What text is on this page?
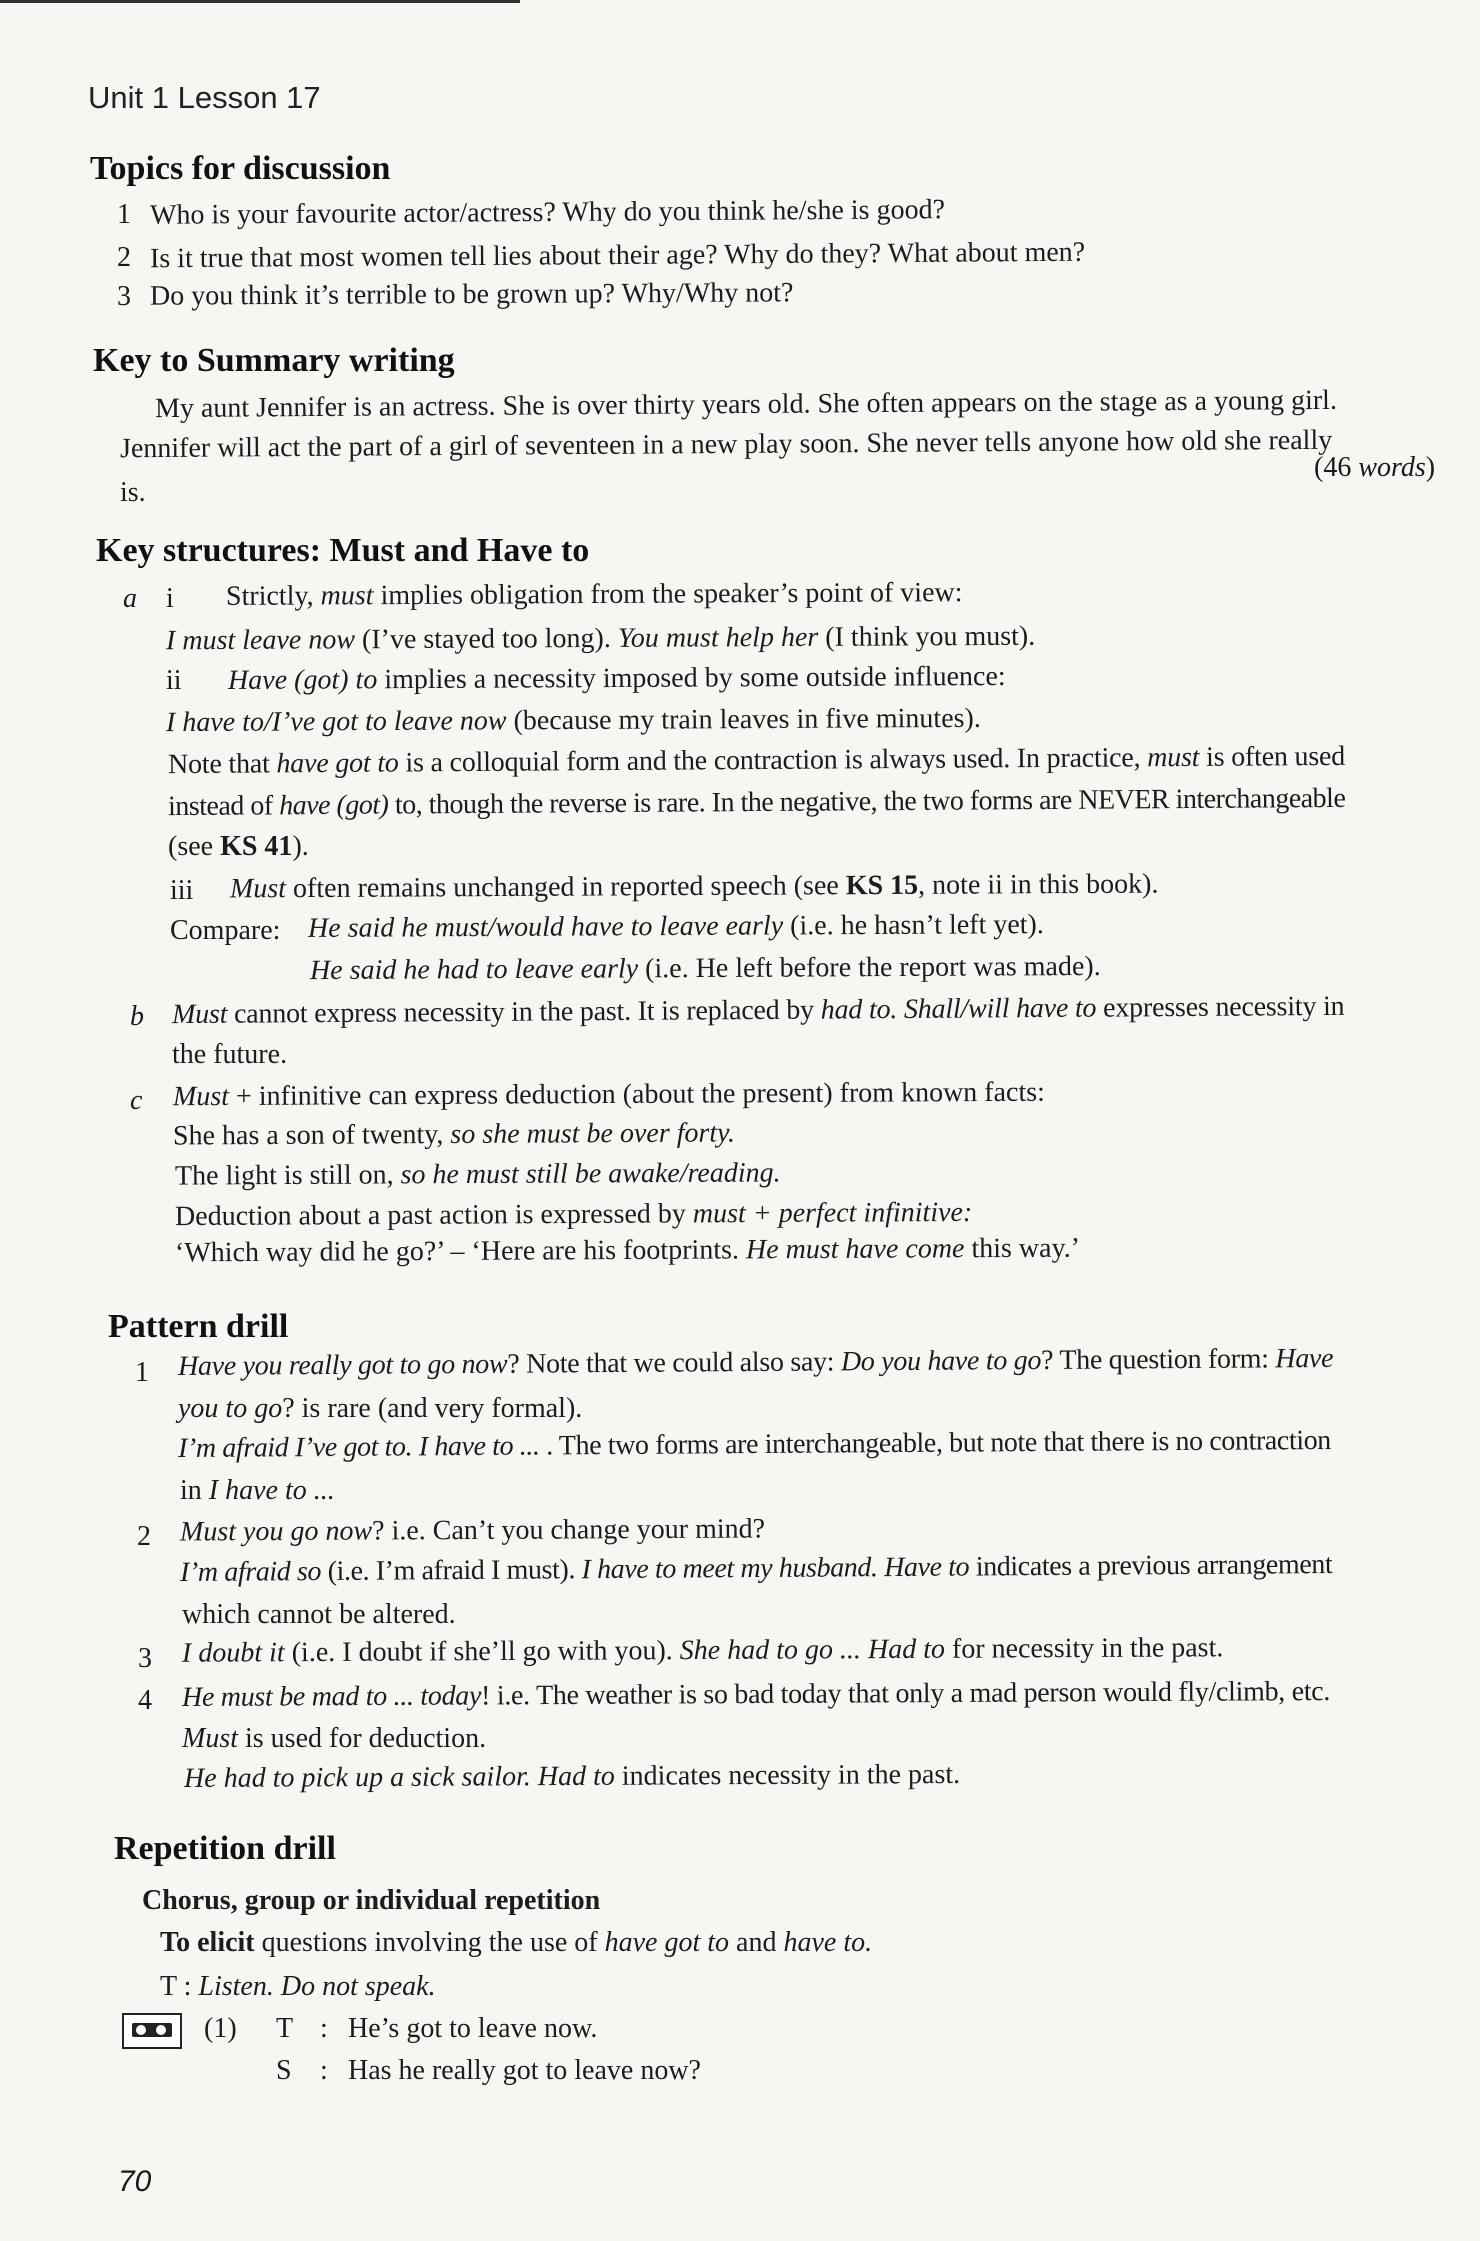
Unit 1 Lesson 17
Topics for discussion
1 Who is your favourite actor/actress? Why do you think he/she is good?
2 Is it true that most women tell lies about their age? Why do they? What about men?
3 Do you think it’s terrible to be grown up? Why/Why not?
Key to Summary writing
My aunt Jennifer is an actress. She is over thirty years old. She often appears on the stage as a young girl.
Jennifer will act the part of a girl of seventeen in a new play soon. She never tells anyone how old she really
is.
(46 words)
Key structures: Must and Have to
a i Strictly, must implies obligation from the speaker’s point of view:
I must leave now (I’ve stayed too long). You must help her (I think you must).
ii Have (got) to implies a necessity imposed by some outside influence:
I have to/I’ve got to leave now (because my train leaves in five minutes).
Note that have got to is a colloquial form and the contraction is always used. In practice, must is often used
instead of have (got) to, though the reverse is rare. In the negative, the two forms are NEVER interchangeable
(see KS 41).
iii Must often remains unchanged in reported speech (see KS 15, note ii in this book).
Compare: He said he must/would have to leave early (i.e. he hasn’t left yet).
He said he had to leave early (i.e. He left before the report was made).
b Must cannot express necessity in the past. It is replaced by had to. Shall/will have to expresses necessity in
the future.
c Must + infinitive can express deduction (about the present) from known facts:
She has a son of twenty, so she must be over forty.
The light is still on, so he must still be awake/reading.
Deduction about a past action is expressed by must + perfect infinitive:
‘Which way did he go?’ – ‘Here are his footprints. He must have come this way.’
Pattern drill
1 Have you really got to go now? Note that we could also say: Do you have to go? The question form: Have
you to go? is rare (and very formal).
I’m afraid I’ve got to. I have to ... . The two forms are interchangeable, but note that there is no contraction
in I have to ...
2 Must you go now? i.e. Can’t you change your mind?
I’m afraid so (i.e. I’m afraid I must). I have to meet my husband. Have to indicates a previous arrangement
which cannot be altered.
3 I doubt it (i.e. I doubt if she’ll go with you). She had to go ... Had to for necessity in the past.
4 He must be mad to ... today! i.e. The weather is so bad today that only a mad person would fly/climb, etc.
Must is used for deduction.
He had to pick up a sick sailor. Had to indicates necessity in the past.
Repetition drill
Chorus, group or individual repetition
To elicit questions involving the use of have got to and have to.
T : Listen. Do not speak.
(1) T : He’s got to leave now.
S : Has he really got to leave now?
70
